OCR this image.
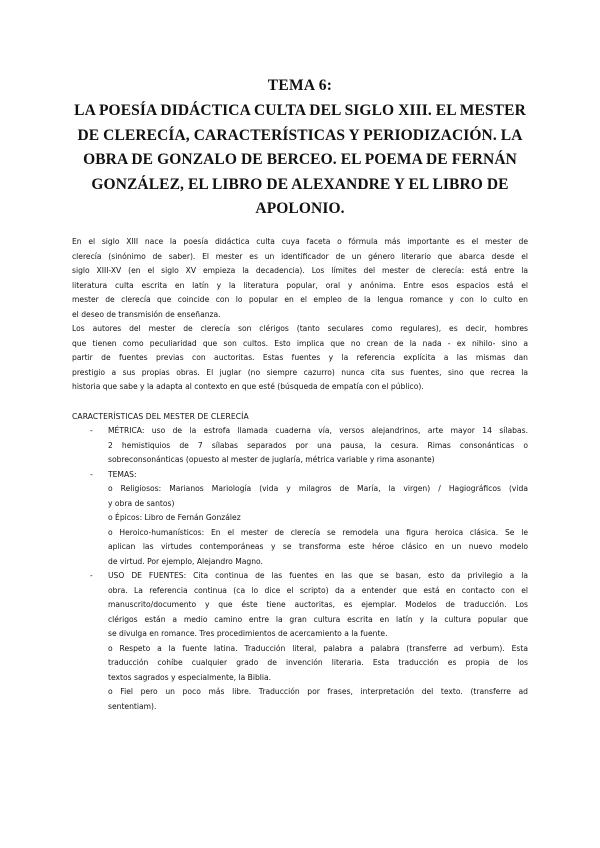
TEMA 6:
LA POESÍA DIDÁCTICA CULTA DEL SIGLO XIII. EL MESTER
DE CLERECÍA, CARACTERÍSTICAS Y PERIODIZACIÓN. LA
OBRA DE GONZALO DE BERCEO. EL POEMA DE FERNÁN
GONZÁLEZ, EL LIBRO DE ALEXANDRE Y EL LIBRO DE
APOLONIO.
En el siglo XIII nace la poesía didáctica culta cuya faceta o fórmula más importante es el mester de
clerecía (sinónimo de saber). El mester es un identificador de un género literario que abarca desde el
siglo XIII-XV (en el siglo XV empieza la decadencia). Los límites del mester de clerecía: está entre la
literatura culta escrita en latín y la literatura popular, oral y anónima. Entre esos espacios está el
mester de clerecía que coincide con lo popular en el empleo de la lengua romance y con lo culto en
el deseo de transmisión de enseñanza.
Los autores del mester de clerecía son clérigos (tanto seculares como regulares), es decir, hombres
que tienen como peculiaridad que son cultos. Esto implica que no crean de la nada - ex nihilo- sino a
partir de fuentes previas con auctoritas. Estas fuentes y la referencia explícita a las mismas dan
prestigio a sus propias obras. El juglar (no siempre cazurro) nunca cita sus fuentes, sino que recrea la
historia que sabe y la adapta al contexto en que esté (búsqueda de empatía con el público).
CARACTERÍSTICAS DEL MESTER DE CLERECÍA
- MÉTRICA: uso de la estrofa llamada cuaderna vía, versos alejandrinos, arte mayor 14 sílabas.
2 hemistiquios de 7 sílabas separados por una pausa, la cesura. Rimas consonánticas o
sobreconsonánticas (opuesto al mester de juglaría, métrica variable y rima asonante)
- TEMAS:
o Religiosos: Marianos Mariología (vida y milagros de María, la virgen) / Hagiográficos (vida
y obra de santos)
o Épicos: Libro de Fernán González
o Heroico-humanísticos: En el mester de clerecía se remodela una figura heroica clásica. Se le
aplican las virtudes contemporáneas y se transforma este héroe clásico en un nuevo modelo
de virtud. Por ejemplo, Alejandro Magno.
- USO DE FUENTES: Cita continua de las fuentes en las que se basan, esto da privilegio a la
obra. La referencia continua (ca lo dice el scripto) da a entender que está en contacto con el
manuscrito/documento y que éste tiene auctoritas, es ejemplar. Modelos de traducción. Los
clérigos están a medio camino entre la gran cultura escrita en latín y la cultura popular que
se divulga en romance. Tres procedimientos de acercamiento a la fuente.
o Respeto a la fuente latina. Traducción literal, palabra a palabra (transferre ad verbum). Esta
traducción cohíbe cualquier grado de invención literaria. Esta traducción es propia de los
textos sagrados y especialmente, la Biblia.
o Fiel pero un poco más libre. Traducción por frases, interpretación del texto. (transferre ad
sententiam).
